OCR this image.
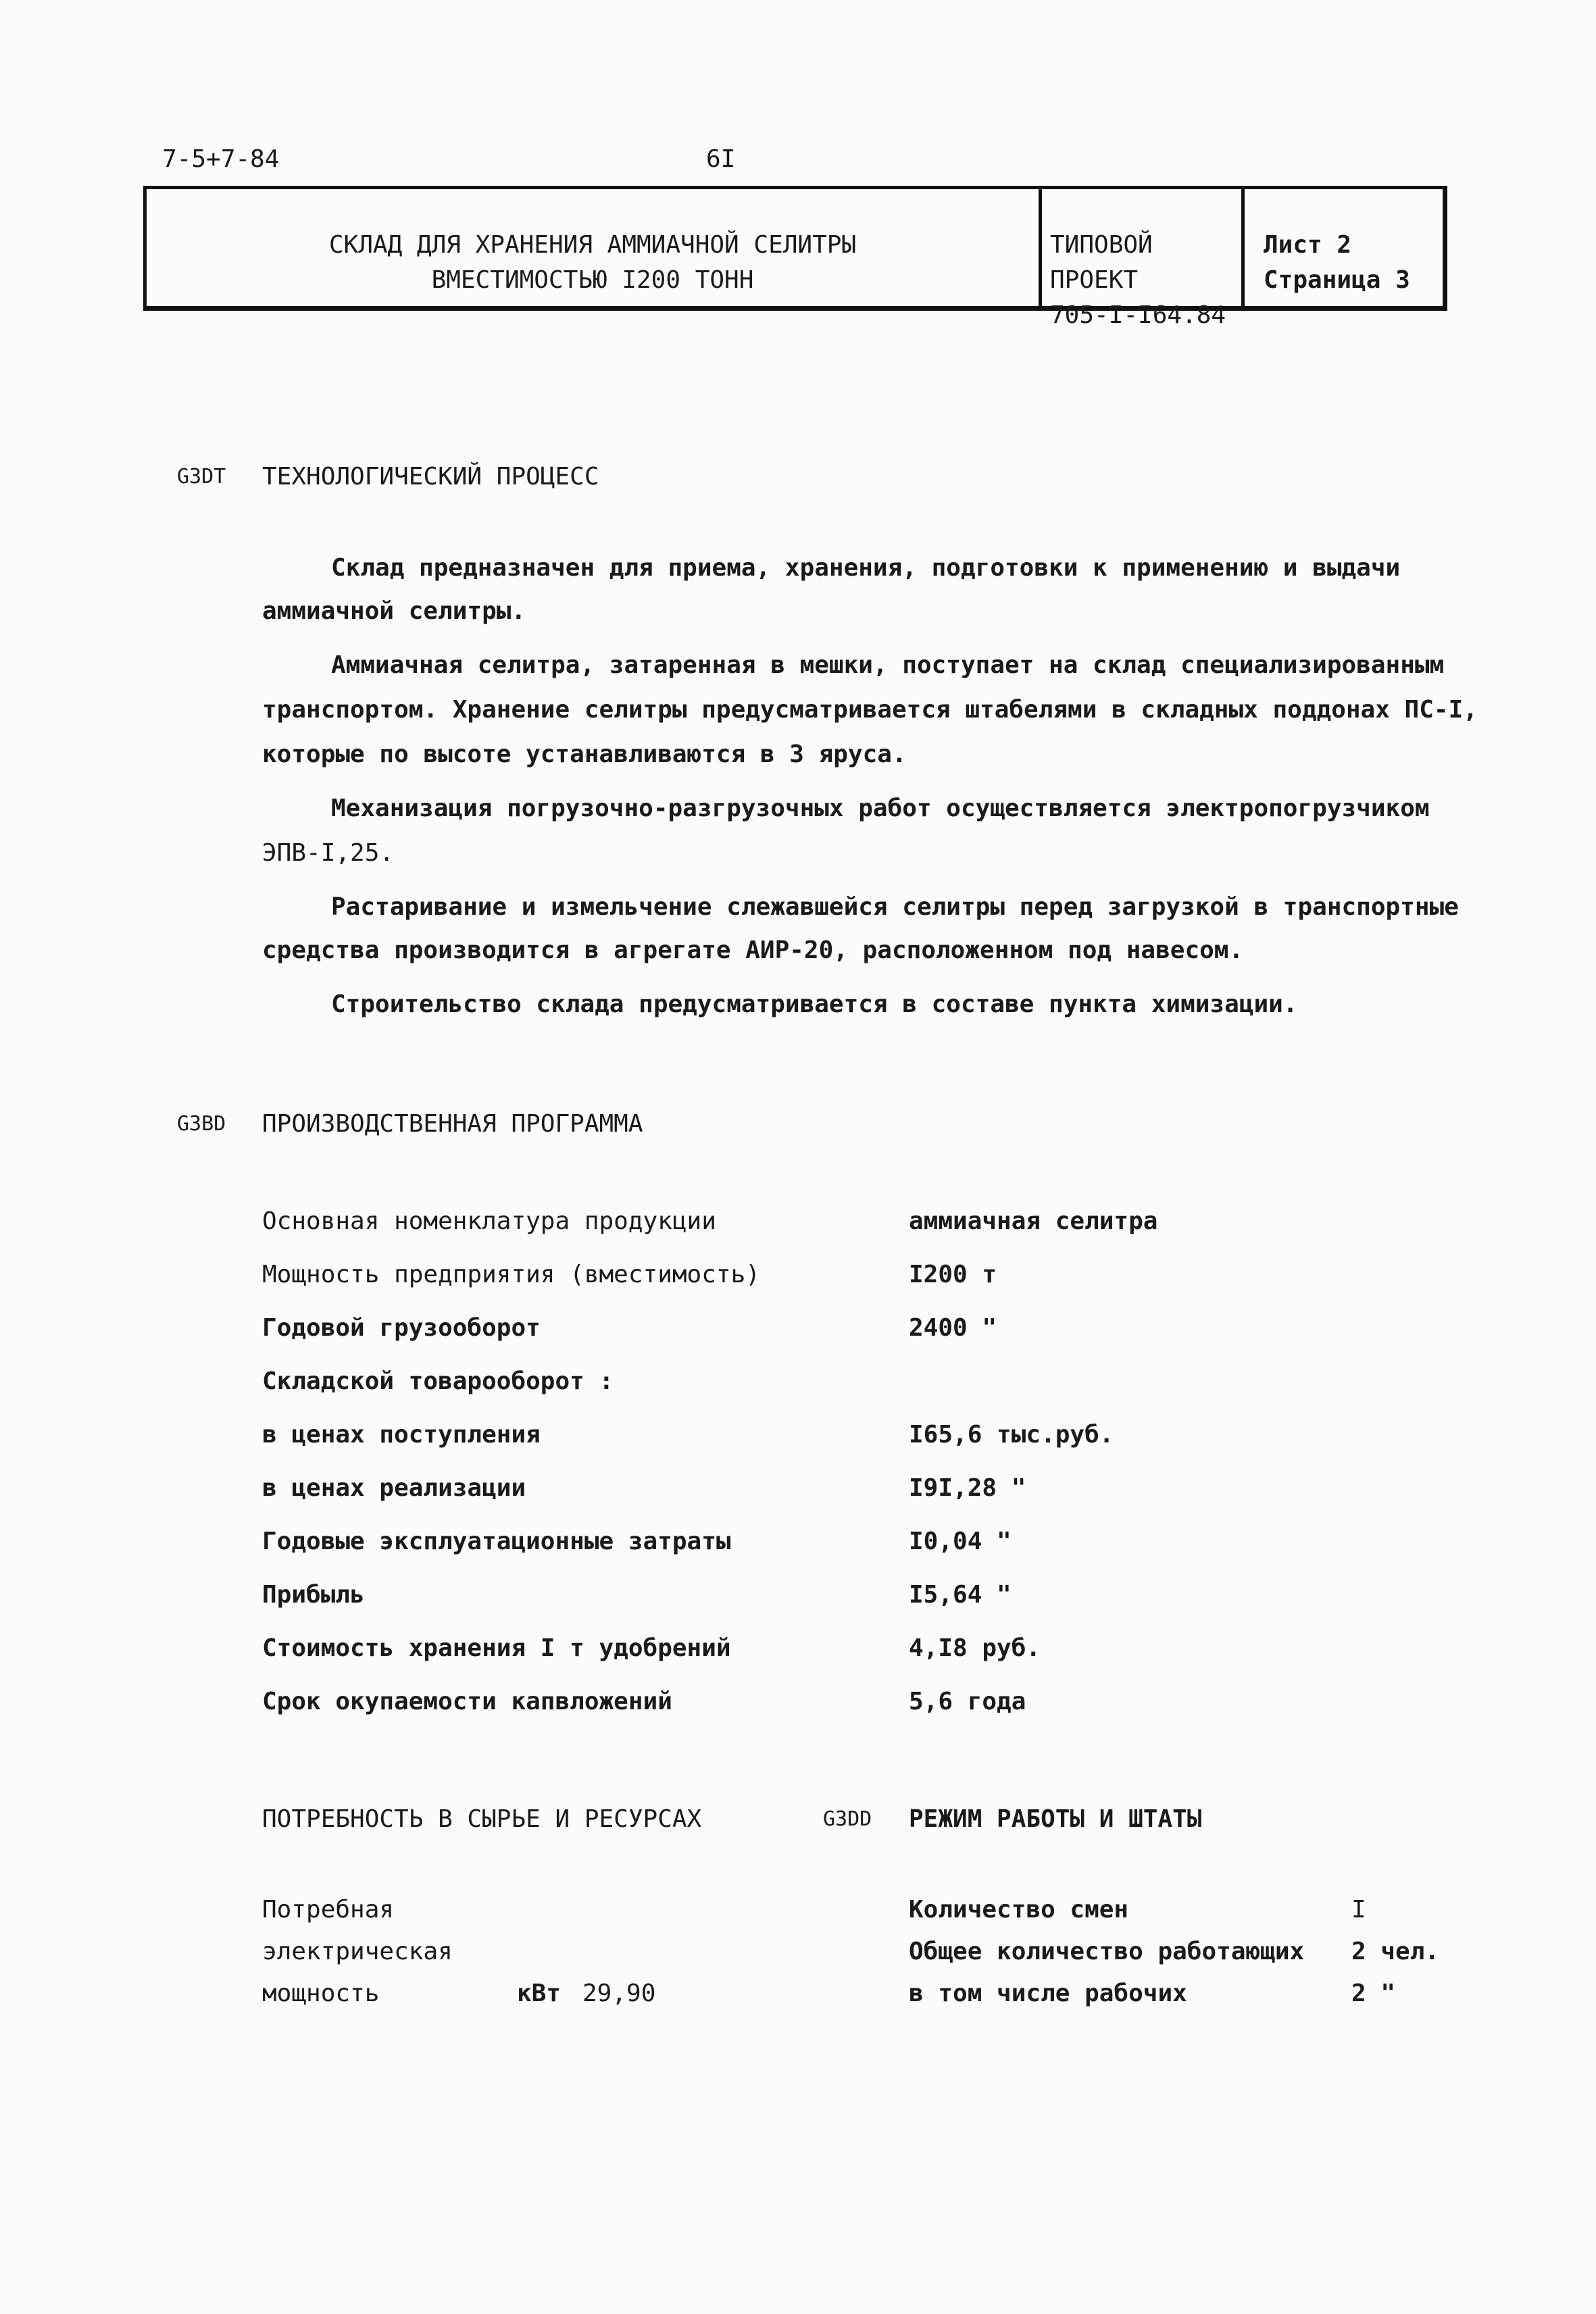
7-5+7-84	6I
СКЛАД ДЛЯ ХРАНЕНИЯ АММИАЧНОЙ СЕЛИТРЫ
ВМЕСТИМОСТЬЮ I200 ТОНН
ТИПОВОЙ ПРОЕКТ
705-I-I64.84
Лист 2
Страница 3
G3DT ТЕХНОЛОГИЧЕСКИЙ ПРОЦЕСС
Склад предназначен для приема, хранения, подготовки к применению и выдачи
аммиачной селитры.
Аммиачная селитра, затаренная в мешки, поступает на склад специализированным
транспортом. Хранение селитры предусматривается штабелями в складных поддонах ПС-I,
которые по высоте устанавливаются в 3 яруса.
Механизация погрузочно-разгрузочных работ осуществляется электропогрузчиком
ЭПВ-I,25.
Растаривание и измельчение слежавшейся селитры перед загрузкой в транспортные
средства производится в агрегате АИР-20, расположенном под навесом.
Строительство склада предусматривается в составе пункта химизации.
G3BD ПРОИЗВОДСТВЕННАЯ ПРОГРАММА
Основная номенклатура продукции	аммиачная селитра
Мощность предприятия (вместимость)	I200 т
Годовой грузооборот	2400 "
Складской товарооборот :
в ценах поступления	I65,6 тыс.руб.
в ценах реализации	I9I,28 "
Годовые эксплуатационные затраты	I0,04 "
Прибыль	I5,64 "
Стоимость хранения I т удобрений	4,I8 руб.
Срок окупаемости капвложений	5,6 года
ПОТРЕБНОСТЬ В СЫРЬЕ И РЕСУРСАХ
Потребная
электрическая
мощность	кВт 29,90
G3DD РЕЖИМ РАБОТЫ И ШТАТЫ
Количество смен	I
Общее количество работающих 2 чел.
в том числе рабочих	2 "
